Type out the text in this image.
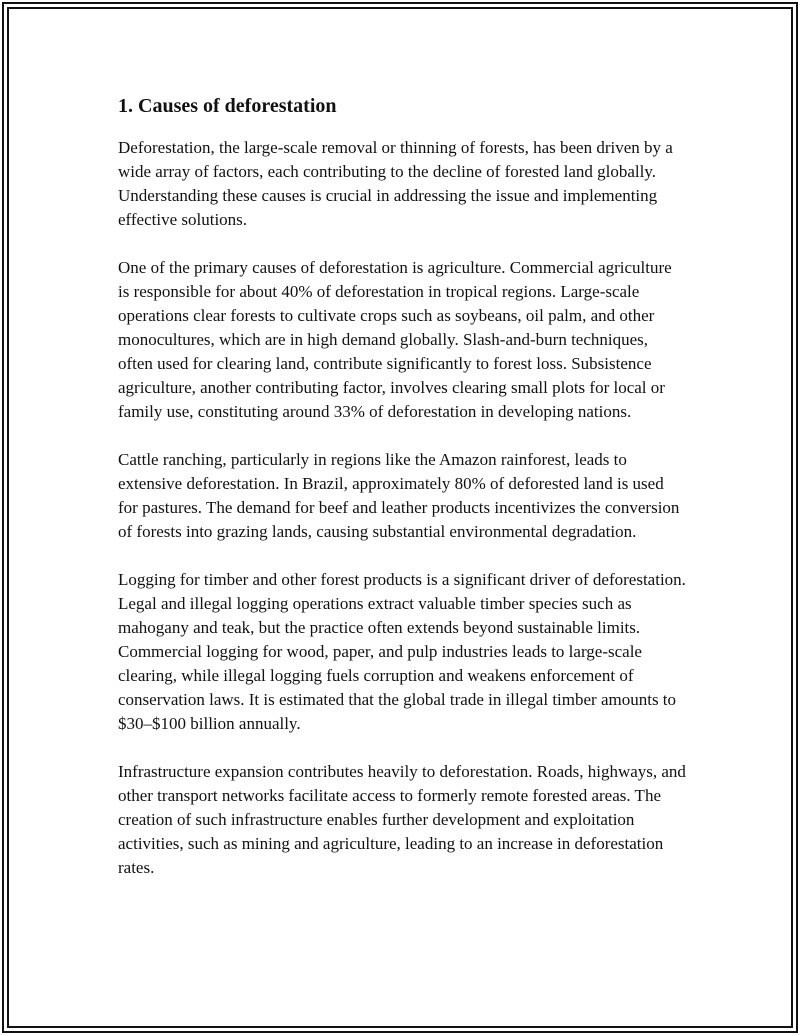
1. Causes of deforestation

Deforestation, the large-scale removal or thinning of forests, has been driven by a wide array of factors, each contributing to the decline of forested land globally. Understanding these causes is crucial in addressing the issue and implementing effective solutions.

One of the primary causes of deforestation is agriculture. Commercial agriculture is responsible for about 40% of deforestation in tropical regions. Large-scale operations clear forests to cultivate crops such as soybeans, oil palm, and other monocultures, which are in high demand globally. Slash-and-burn techniques, often used for clearing land, contribute significantly to forest loss. Subsistence agriculture, another contributing factor, involves clearing small plots for local or family use, constituting around 33% of deforestation in developing nations.

Cattle ranching, particularly in regions like the Amazon rainforest, leads to extensive deforestation. In Brazil, approximately 80% of deforested land is used for pastures. The demand for beef and leather products incentivizes the conversion of forests into grazing lands, causing substantial environmental degradation.

Logging for timber and other forest products is a significant driver of deforestation. Legal and illegal logging operations extract valuable timber species such as mahogany and teak, but the practice often extends beyond sustainable limits. Commercial logging for wood, paper, and pulp industries leads to large-scale clearing, while illegal logging fuels corruption and weakens enforcement of conservation laws. It is estimated that the global trade in illegal timber amounts to $30–$100 billion annually.

Infrastructure expansion contributes heavily to deforestation. Roads, highways, and other transport networks facilitate access to formerly remote forested areas. The creation of such infrastructure enables further development and exploitation activities, such as mining and agriculture, leading to an increase in deforestation rates.
